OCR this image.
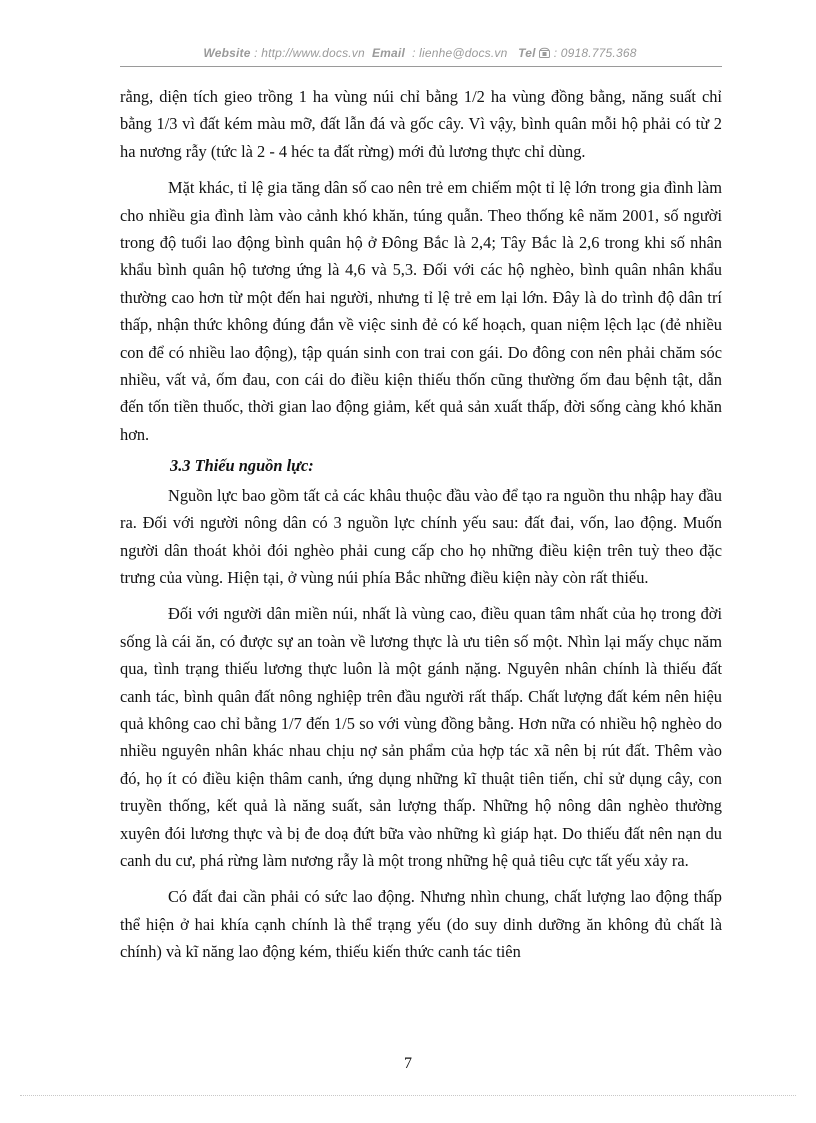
Website : http://www.docs.vn Email : lienhe@docs.vn Tel : 0918.775.368

rằng, diện tích gieo trồng 1 ha vùng núi chỉ bằng 1/2 ha vùng đồng bằng, năng suất chỉ bằng 1/3 vì đất kém màu mỡ, đất lẫn đá và gốc cây. Vì vậy, bình quân mỗi hộ phải có từ 2 ha nương rẫy (tức là 2 - 4 héc ta đất rừng) mới đủ lương thực chỉ dùng.

Mặt khác, tỉ lệ gia tăng dân số cao nên trẻ em chiếm một tỉ lệ lớn trong gia đình làm cho nhiều gia đình làm vào cảnh khó khăn, túng quẫn. Theo thống kê năm 2001, số người trong độ tuổi lao động bình quân hộ ở Đông Bắc là 2,4; Tây Bắc là 2,6 trong khi số nhân khẩu bình quân hộ tương ứng là 4,6 và 5,3. Đối với các hộ nghèo, bình quân nhân khẩu thường cao hơn từ một đến hai người, nhưng tỉ lệ trẻ em lại lớn. Đây là do trình độ dân trí thấp, nhận thức không đúng đắn về việc sinh đẻ có kế hoạch, quan niệm lệch lạc (đẻ nhiều con để có nhiều lao động), tập quán sinh con trai con gái. Do đông con nên phải chăm sóc nhiều, vất vả, ốm đau, con cái do điều kiện thiếu thốn cũng thường ốm đau bệnh tật, dẫn đến tốn tiền thuốc, thời gian lao động giảm, kết quả sản xuất thấp, đời sống càng khó khăn hơn.

3.3 Thiếu nguồn lực:

Nguồn lực bao gồm tất cả các khâu thuộc đầu vào để tạo ra nguồn thu nhập hay đầu ra. Đối với người nông dân có 3 nguồn lực chính yếu sau: đất đai, vốn, lao động. Muốn người dân thoát khỏi đói nghèo phải cung cấp cho họ những điều kiện trên tuỳ theo đặc trưng của vùng. Hiện tại, ở vùng núi phía Bắc những điều kiện này còn rất thiếu.

Đối với người dân miền núi, nhất là vùng cao, điều quan tâm nhất của họ trong đời sống là cái ăn, có được sự an toàn về lương thực là ưu tiên số một. Nhìn lại mấy chục năm qua, tình trạng thiếu lương thực luôn là một gánh nặng. Nguyên nhân chính là thiếu đất canh tác, bình quân đất nông nghiệp trên đầu người rất thấp. Chất lượng đất kém nên hiệu quả không cao chỉ bằng 1/7 đến 1/5 so với vùng đồng bằng. Hơn nữa có nhiều hộ nghèo do nhiều nguyên nhân khác nhau chịu nợ sản phẩm của hợp tác xã nên bị rút đất. Thêm vào đó, họ ít có điều kiện thâm canh, ứng dụng những kĩ thuật tiên tiến, chỉ sử dụng cây, con truyền thống, kết quả là năng suất, sản lượng thấp. Những hộ nông dân nghèo thường xuyên đói lương thực và bị đe doạ đứt bữa vào những kì giáp hạt. Do thiếu đất nên nạn du canh du cư, phá rừng làm nương rẫy là một trong những hệ quả tiêu cực tất yếu xảy ra.

Có đất đai cần phải có sức lao động. Nhưng nhìn chung, chất lượng lao động thấp thể hiện ở hai khía cạnh chính là thể trạng yếu (do suy dinh dưỡng ăn không đủ chất là chính) và kĩ năng lao động kém, thiếu kiến thức canh tác tiên

7
